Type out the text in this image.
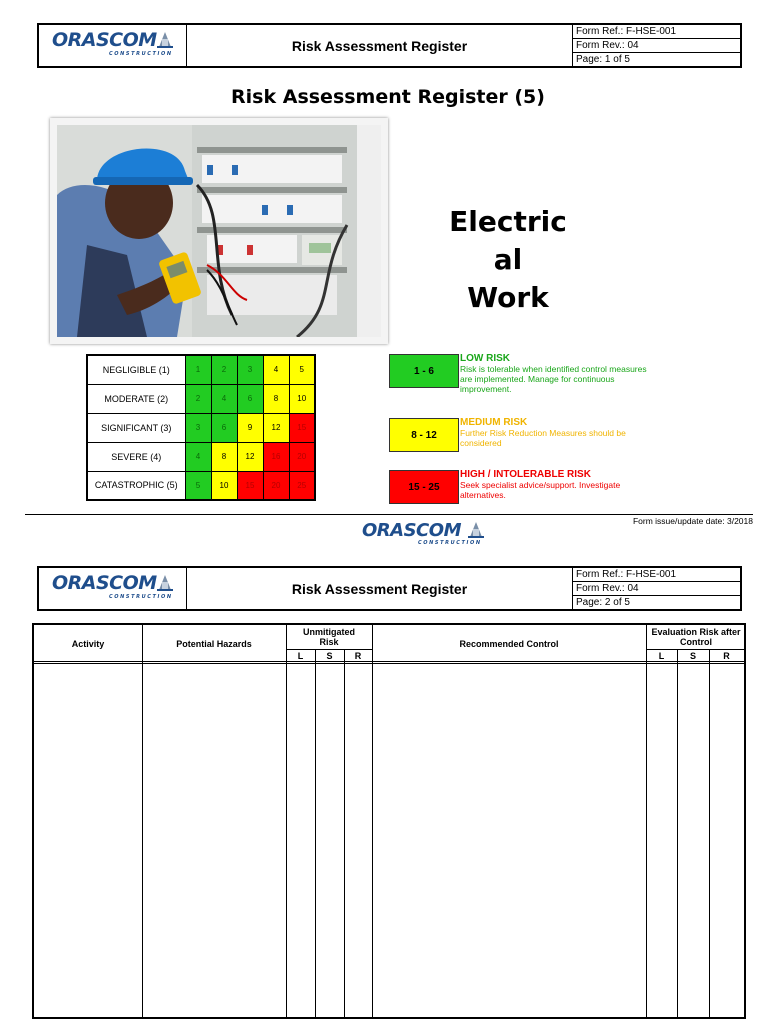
ORASCOM
CONSTRUCTION
Risk Assessment Register
Form Ref.: F-HSE-001
Form Rev.: 04
Page: 1 of 5
Risk Assessment Register (5)
Electric
al
Work
NEGLIGIBLE (1)	1	2	3	4	5
MODERATE (2)	2	4	6	8	10
SIGNIFICANT (3)	3	6	9	12	15
SEVERE (4)	4	8	12	16	20
CATASTROPHIC (5)	5	10	15	20	25
1 - 6
LOW RISK
Risk is tolerable when identified control measures are implemented. Manage for continuous improvement.
8 - 12
MEDIUM RISK
Further Risk Reduction Measures should be considered
15 - 25
HIGH / INTOLERABLE RISK
Seek specialist advice/support. Investigate alternatives.
ORASCOM
CONSTRUCTION
Form issue/update date: 3/2018
ORASCOM
CONSTRUCTION
Risk Assessment Register
Form Ref.: F-HSE-001
Form Rev.: 04
Page: 2 of 5
Activity	Potential Hazards
Unmitigated Risk
L	S	R
Recommended Control
Evaluation Risk after Control
L	S	R
